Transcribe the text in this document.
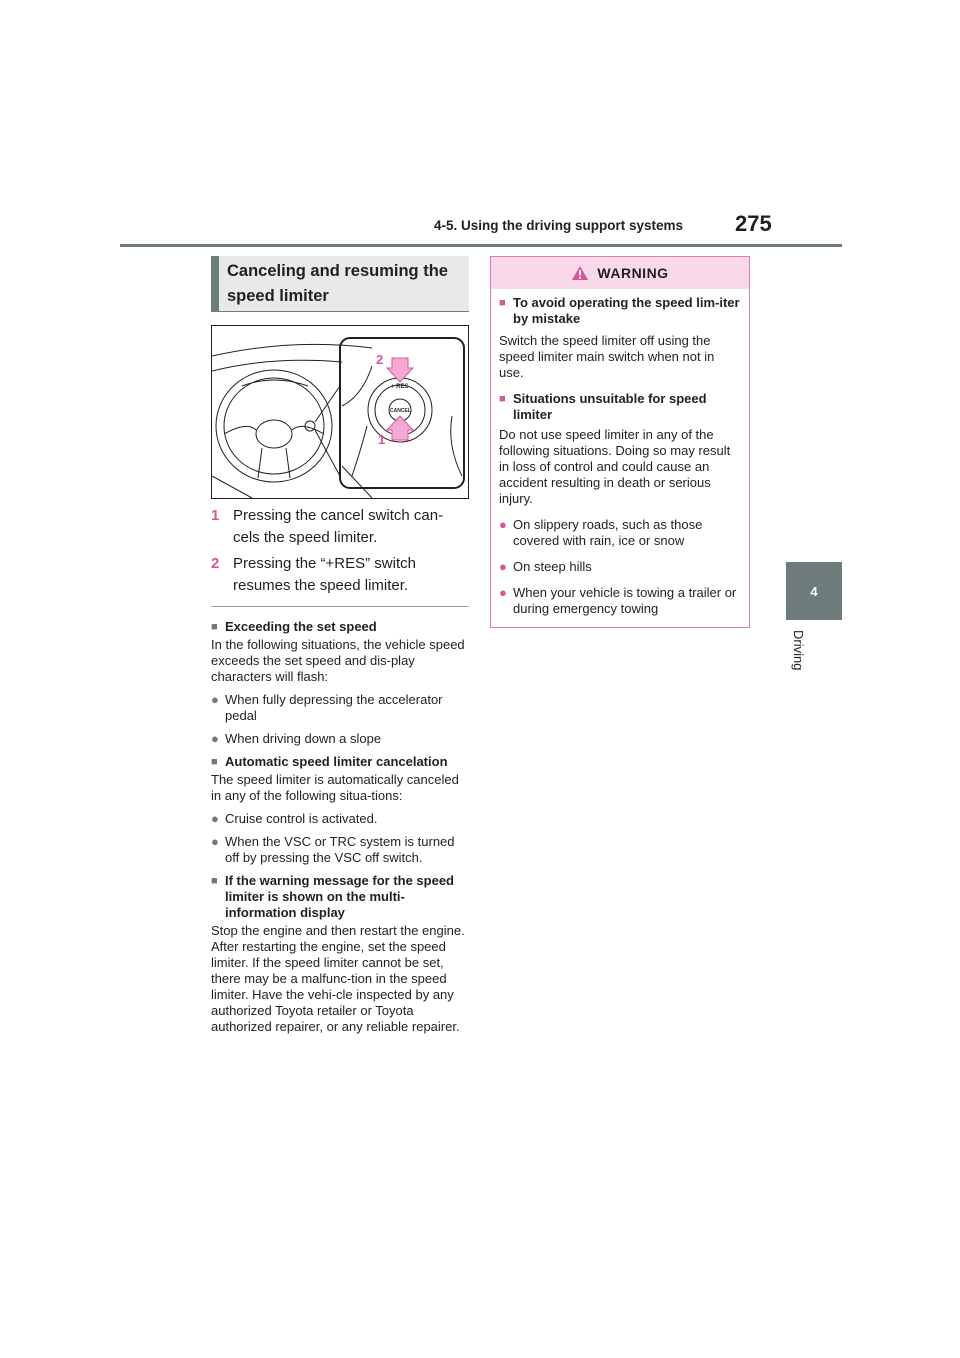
4-5. Using the driving support systems 275
4
Driving
Canceling and resuming the speed limiter
+ RES
CANCEL
2
1
1 Pressing the cancel switch can-cels the speed limiter.
2 Pressing the “+RES” switch resumes the speed limiter.
■ Exceeding the set speed
In the following situations, the vehicle speed exceeds the set speed and dis-play characters will flash:
● When fully depressing the accelerator pedal
● When driving down a slope
■ Automatic speed limiter cancelation
The speed limiter is automatically canceled in any of the following situa-tions:
● Cruise control is activated.
● When the VSC or TRC system is turned off by pressing the VSC off switch.
■ If the warning message for the speed limiter is shown on the multi-information display
Stop the engine and then restart the engine. After restarting the engine, set the speed limiter. If the speed limiter cannot be set, there may be a malfunc-tion in the speed limiter. Have the vehi-cle inspected by any authorized Toyota retailer or Toyota authorized repairer, or any reliable repairer.
WARNING
■ To avoid operating the speed lim-iter by mistake
Switch the speed limiter off using the speed limiter main switch when not in use.
■ Situations unsuitable for speed limiter
Do not use speed limiter in any of the following situations. Doing so may result in loss of control and could cause an accident resulting in death or serious injury.
● On slippery roads, such as those covered with rain, ice or snow
● On steep hills
● When your vehicle is towing a trailer or during emergency towing
